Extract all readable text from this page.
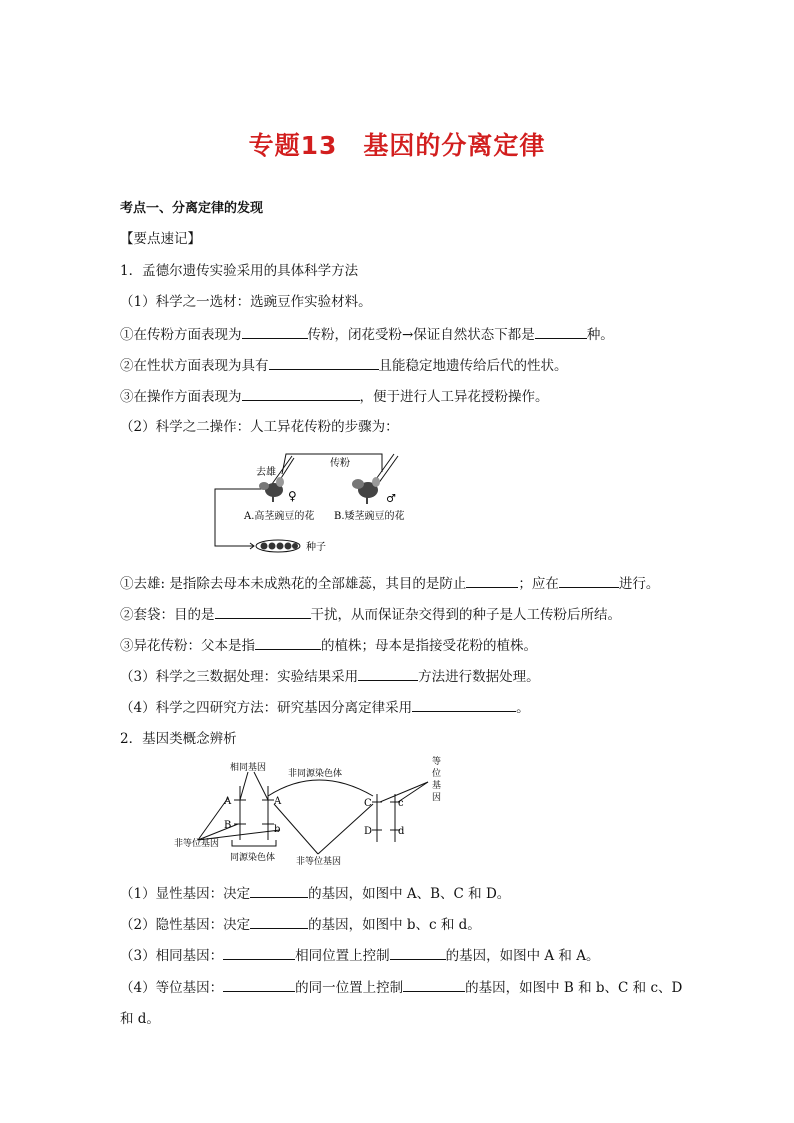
专题13　基因的分离定律
考点一、分离定律的发现
【要点速记】
1．孟德尔遗传实验采用的具体科学方法
（1）科学之一选材：选豌豆作实验材料。
①在传粉方面表现为	传粉，闭花受粉→保证自然状态下都是	种。
②在性状方面表现为具有	且能稳定地遗传给后代的性状。
③在操作方面表现为	，便于进行人工异花授粉操作。
（2）科学之二操作：人工异花传粉的步骤为：
去雄
传粉
♀	♂
A.高茎豌豆的花 B.矮茎豌豆的花
种子
①去雄: 是指除去母本未成熟花的全部雄蕊，其目的是防止	；应在	进行。
②套袋：目的是	干扰，从而保证杂交得到的种子是人工传粉后所结。
③异花传粉：父本是指	的植株；母本是指接受花粉的植株。
（3）科学之三数据处理：实验结果采用	方法进行数据处理。
（4）科学之四研究方法：研究基因分离定律采用	。
2．基因类概念辨析
相同基因
非同源染色体
等
位
基
因
A	A
B	b
C	c
D	d
非等位基因
同源染色体 非等位基因
（1）显性基因：决定	的基因，如图中 A、B、C 和 D。
（2）隐性基因：决定	的基因，如图中 b、c 和 d。
（3）相同基因：	相同位置上控制	的基因，如图中 A 和 A。
（4）等位基因：	的同一位置上控制	的基因，如图中 B 和 b、C 和 c、D
和 d。
